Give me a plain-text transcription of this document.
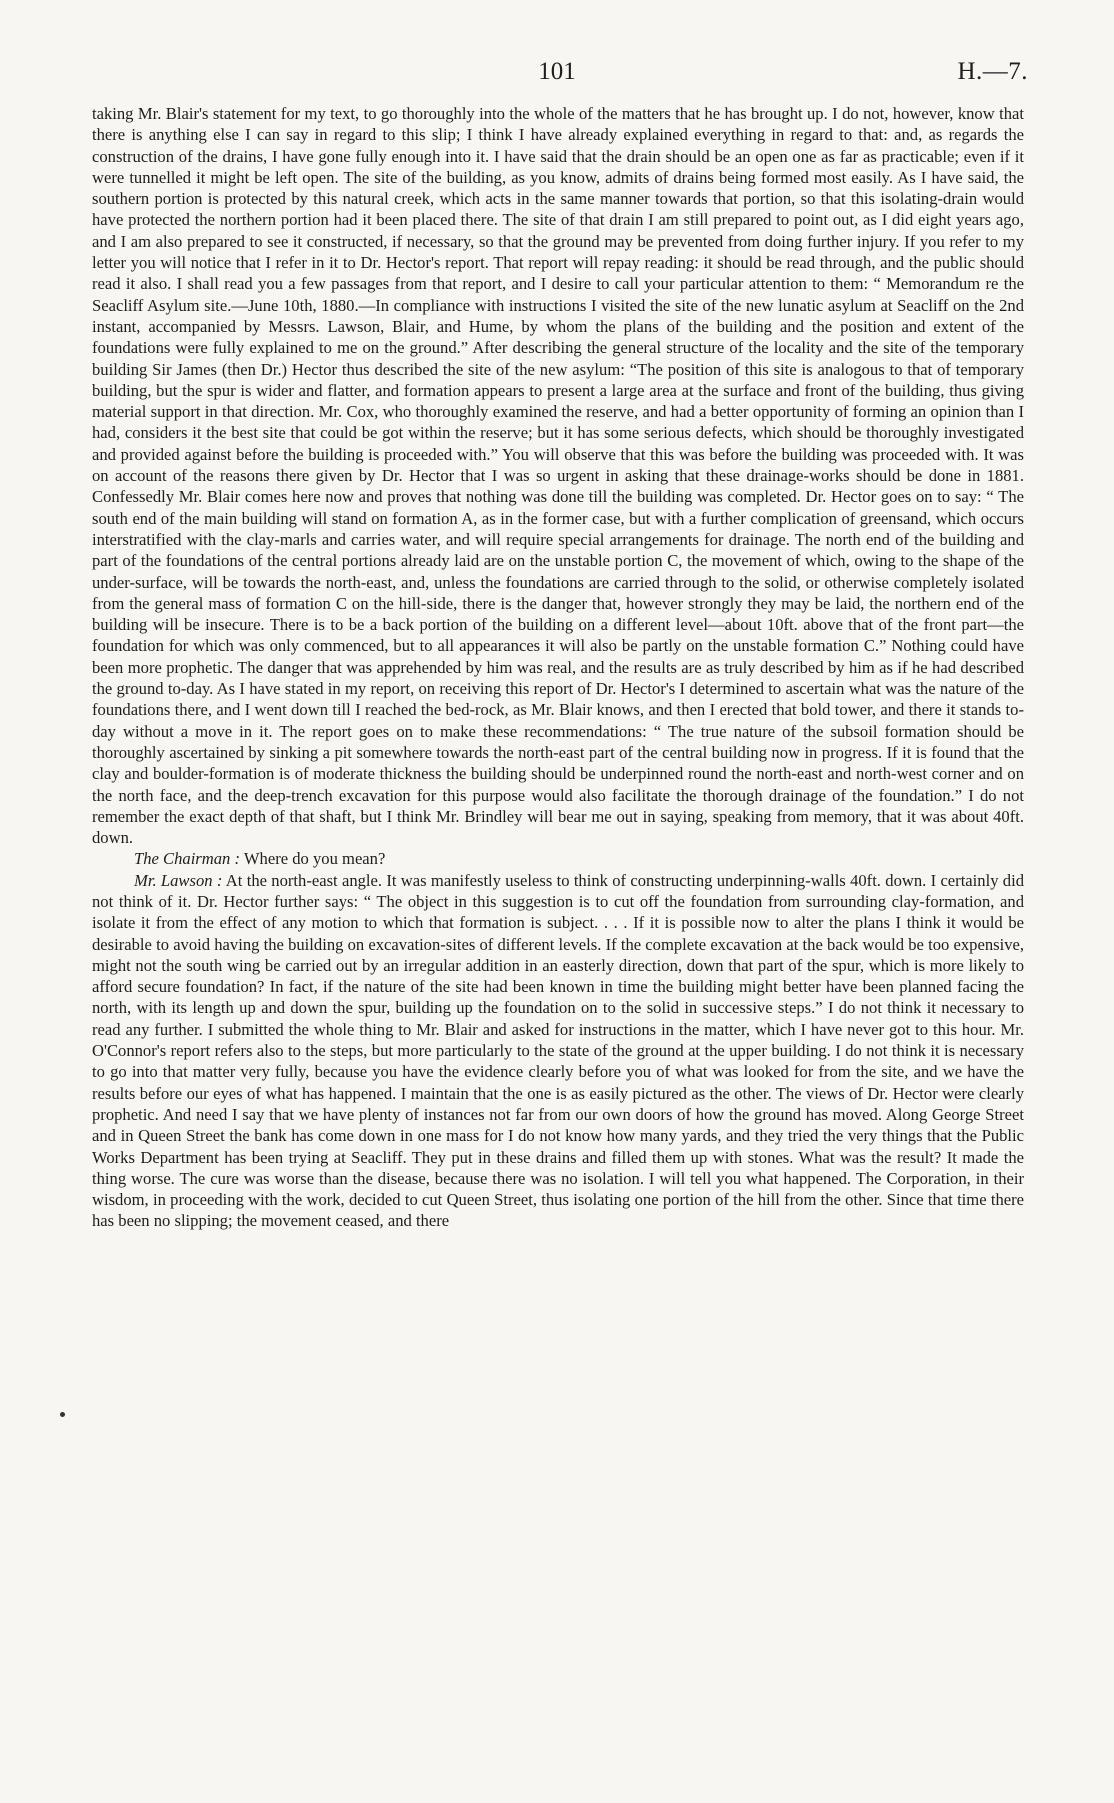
101	H.—7.

taking Mr. Blair's statement for my text, to go thoroughly into the whole of the matters that he has brought up. I do not, however, know that there is anything else I can say in regard to this slip; I think I have already explained everything in regard to that: and, as regards the construction of the drains, I have gone fully enough into it. I have said that the drain should be an open one as far as practicable; even if it were tunnelled it might be left open. The site of the building, as you know, admits of drains being formed most easily. As I have said, the southern portion is protected by this natural creek, which acts in the same manner towards that portion, so that this isolating-drain would have protected the northern portion had it been placed there. The site of that drain I am still prepared to point out, as I did eight years ago, and I am also prepared to see it constructed, if necessary, so that the ground may be prevented from doing further injury. If you refer to my letter you will notice that I refer in it to Dr. Hector's report. That report will repay reading: it should be read through, and the public should read it also. I shall read you a few passages from that report, and I desire to call your particular attention to them: “ Memorandum re the Seacliff Asylum site.—June 10th, 1880.—In compliance with instructions I visited the site of the new lunatic asylum at Seacliff on the 2nd instant, accompanied by Messrs. Lawson, Blair, and Hume, by whom the plans of the building and the position and extent of the foundations were fully explained to me on the ground.” After describing the general structure of the locality and the site of the temporary building Sir James (then Dr.) Hector thus described the site of the new asylum: “The position of this site is analogous to that of temporary building, but the spur is wider and flatter, and formation appears to present a large area at the surface and front of the building, thus giving material support in that direction. Mr. Cox, who thoroughly examined the reserve, and had a better opportunity of forming an opinion than I had, considers it the best site that could be got within the reserve; but it has some serious defects, which should be thoroughly investigated and provided against before the building is proceeded with.” You will observe that this was before the building was proceeded with. It was on account of the reasons there given by Dr. Hector that I was so urgent in asking that these drainage-works should be done in 1881. Confessedly Mr. Blair comes here now and proves that nothing was done till the building was completed. Dr. Hector goes on to say: “ The south end of the main building will stand on formation A, as in the former case, but with a further complication of greensand, which occurs interstratified with the clay-marls and carries water, and will require special arrangements for drainage. The north end of the building and part of the foundations of the central portions already laid are on the unstable portion C, the movement of which, owing to the shape of the under-surface, will be towards the north-east, and, unless the foundations are carried through to the solid, or otherwise completely isolated from the general mass of formation C on the hill-side, there is the danger that, however strongly they may be laid, the northern end of the building will be insecure. There is to be a back portion of the building on a different level—about 10ft. above that of the front part—the foundation for which was only commenced, but to all appearances it will also be partly on the unstable formation C.” Nothing could have been more prophetic. The danger that was apprehended by him was real, and the results are as truly described by him as if he had described the ground to-day. As I have stated in my report, on receiving this report of Dr. Hector's I determined to ascertain what was the nature of the foundations there, and I went down till I reached the bed-rock, as Mr. Blair knows, and then I erected that bold tower, and there it stands to-day without a move in it. The report goes on to make these recommendations: “ The true nature of the subsoil formation should be thoroughly ascertained by sinking a pit somewhere towards the north-east part of the central building now in progress. If it is found that the clay and boulder-formation is of moderate thickness the building should be underpinned round the north-east and north-west corner and on the north face, and the deep-trench excavation for this purpose would also facilitate the thorough drainage of the foundation.” I do not remember the exact depth of that shaft, but I think Mr. Brindley will bear me out in saying, speaking from memory, that it was about 40ft. down.

The Chairman : Where do you mean?

Mr. Lawson : At the north-east angle. It was manifestly useless to think of constructing underpinning-walls 40ft. down. I certainly did not think of it. Dr. Hector further says: “ The object in this suggestion is to cut off the foundation from surrounding clay-formation, and isolate it from the effect of any motion to which that formation is subject. . . . If it is possible now to alter the plans I think it would be desirable to avoid having the building on excavation-sites of different levels. If the complete excavation at the back would be too expensive, might not the south wing be carried out by an irregular addition in an easterly direction, down that part of the spur, which is more likely to afford secure foundation? In fact, if the nature of the site had been known in time the building might better have been planned facing the north, with its length up and down the spur, building up the foundation on to the solid in successive steps.” I do not think it necessary to read any further. I submitted the whole thing to Mr. Blair and asked for instructions in the matter, which I have never got to this hour. Mr. O'Connor's report refers also to the steps, but more particularly to the state of the ground at the upper building. I do not think it is necessary to go into that matter very fully, because you have the evidence clearly before you of what was looked for from the site, and we have the results before our eyes of what has happened. I maintain that the one is as easily pictured as the other. The views of Dr. Hector were clearly prophetic. And need I say that we have plenty of instances not far from our own doors of how the ground has moved. Along George Street and in Queen Street the bank has come down in one mass for I do not know how many yards, and they tried the very things that the Public Works Department has been trying at Seacliff. They put in these drains and filled them up with stones. What was the result? It made the thing worse. The cure was worse than the disease, because there was no isolation. I will tell you what happened. The Corporation, in their wisdom, in proceeding with the work, decided to cut Queen Street, thus isolating one portion of the hill from the other. Since that time there has been no slipping; the movement ceased, and there
